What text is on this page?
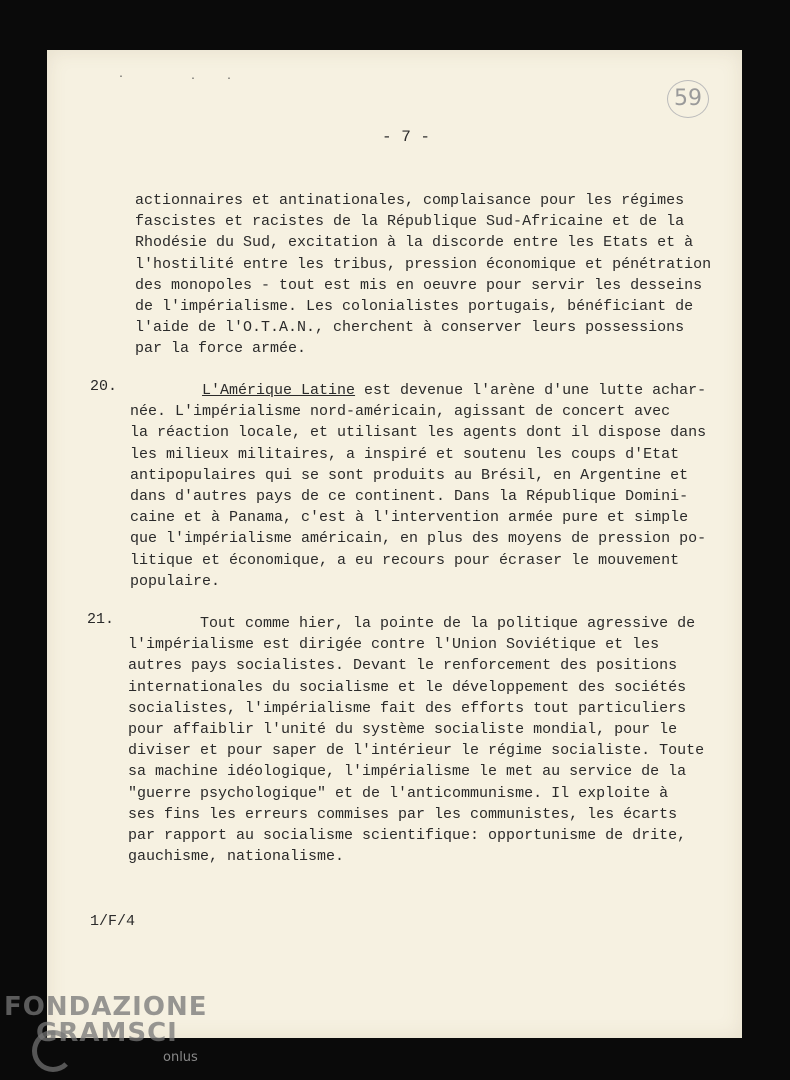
· ..
59
- 7 -
actionnaires et antinationales, complaisance pour les régimes
fascistes et racistes de la République Sud-Africaine et de la
Rhodésie du Sud, excitation à la discorde entre les Etats et à
l'hostilité entre les tribus, pression économique et pénétration
des monopoles - tout est mis en oeuvre pour servir les desseins
de l'impérialisme. Les colonialistes portugais, bénéficiant de
l'aide de l'O.T.A.N., cherchent à conserver leurs possessions
par la force armée.
20.	L'Amérique Latine est devenue l'arène d'une lutte achar-
née. L'impérialisme nord-américain, agissant de concert avec
la réaction locale, et utilisant les agents dont il dispose dans
les milieux militaires, a inspiré et soutenu les coups d'Etat
antipopulaires qui se sont produits au Brésil, en Argentine et
dans d'autres pays de ce continent. Dans la République Domini-
caine et à Panama, c'est à l'intervention armée pure et simple
que l'impérialisme américain, en plus des moyens de pression po-
litique et économique, a eu recours pour écraser le mouvement
populaire.
21.	Tout comme hier, la pointe de la politique agressive de
l'impérialisme est dirigée contre l'Union Soviétique et les
autres pays socialistes. Devant le renforcement des positions
internationales du socialisme et le développement des sociétés
socialistes, l'impérialisme fait des efforts tout particuliers
pour affaiblir l'unité du système socialiste mondial, pour le
diviser et pour saper de l'intérieur le régime socialiste. Toute
sa machine idéologique, l'impérialisme le met au service de la
"guerre psychologique" et de l'anticommunisme. Il exploite à
ses fins les erreurs commises par les communistes, les écarts
par rapport au socialisme scientifique: opportunisme de drite,
gauchisme, nationalisme.
1/F/4
FONDAZIONE
GRAMSCI
onlus
